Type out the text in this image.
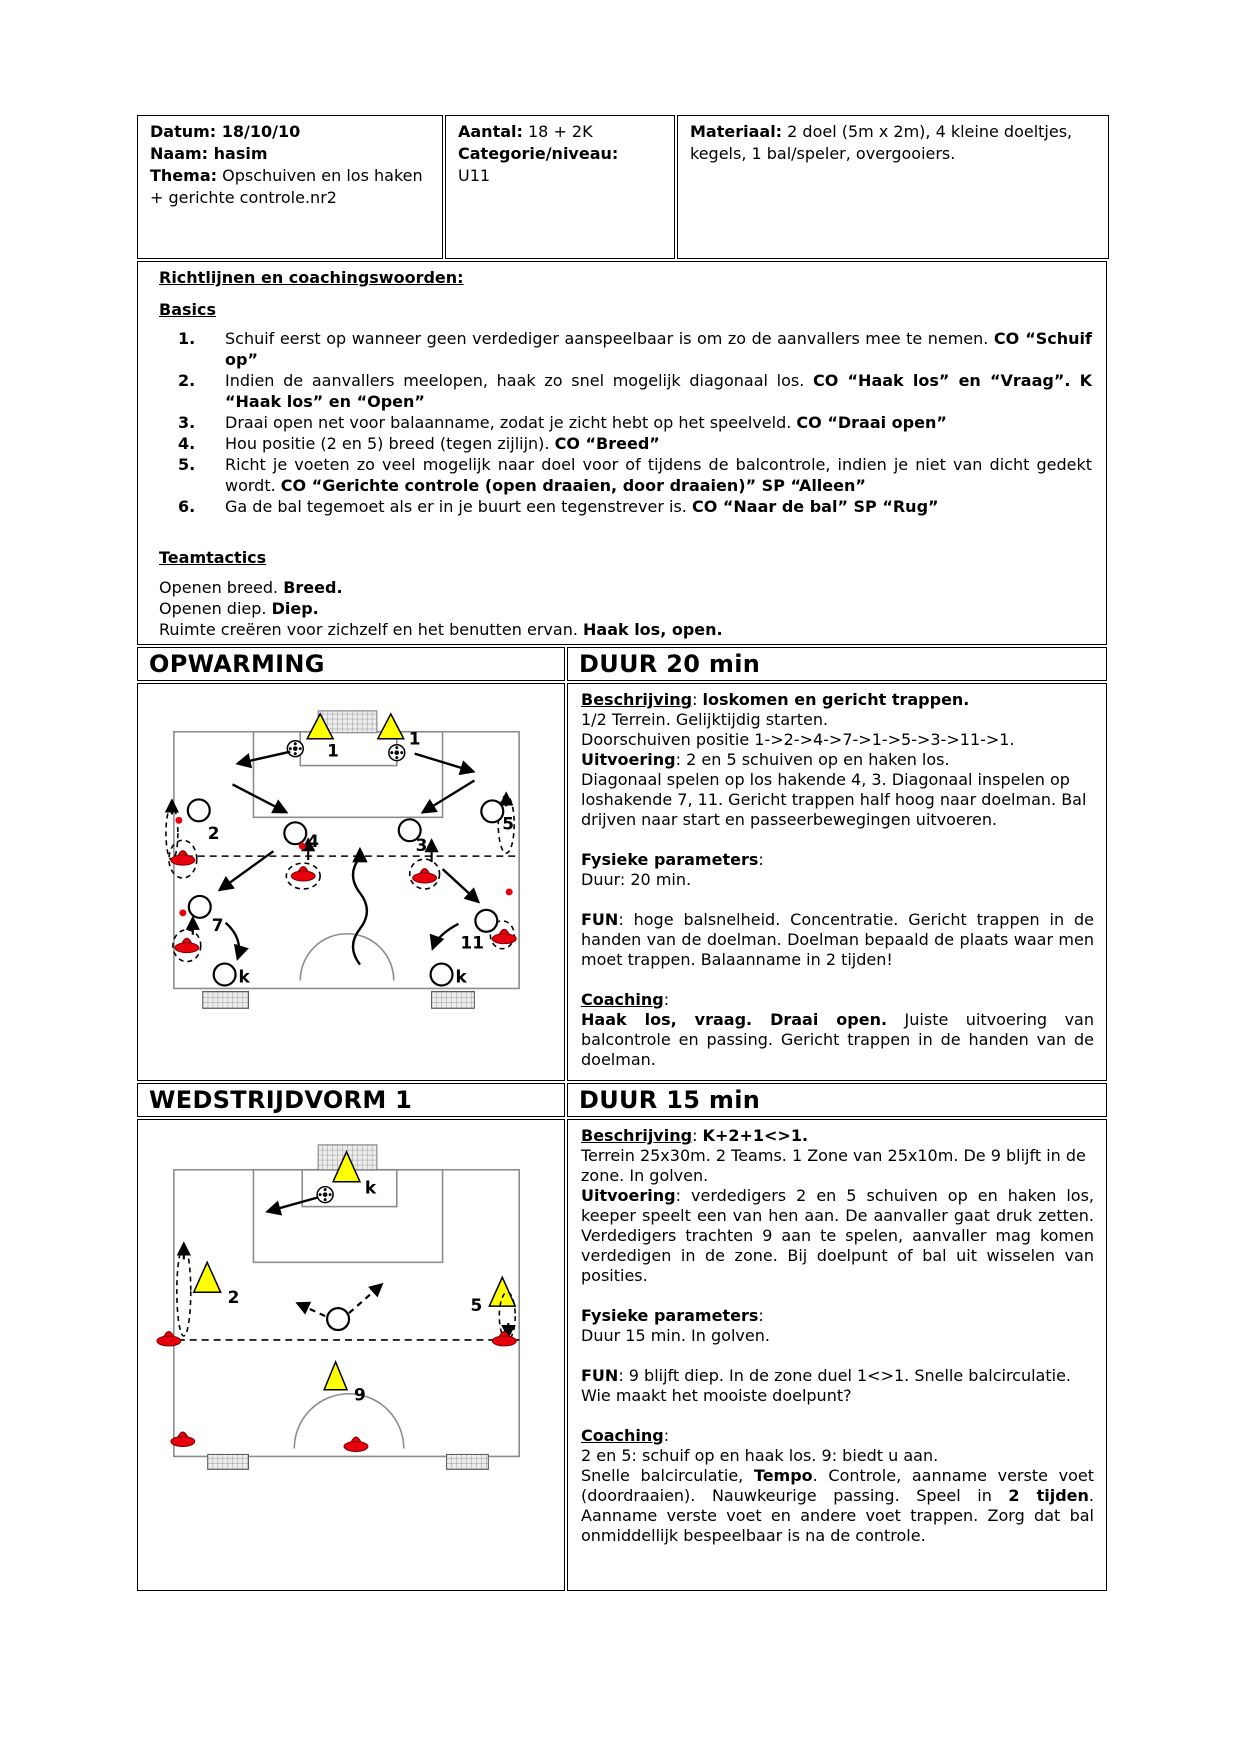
Datum: 18/10/10

Naam: hasim

Thema: Opschuiven en los haken + gerichte controle.nr2

Aantal: 18 + 2K

Categorie/niveau:

U11

Materiaal: 2 doel (5m x 2m), 4 kleine doeltjes, kegels, 1 bal/speler, overgooiers.

Richtlijnen en coachingswoorden:
Basics
1.	Schuif eerst op wanneer geen verdediger aanspeelbaar is om zo de aanvallers mee te nemen. CO “Schuif op”
2.	Indien de aanvallers meelopen, haak zo snel mogelijk diagonaal los. CO “Haak los” en “Vraag”. K “Haak los” en “Open”
3.	Draai open net voor balaanname, zodat je zicht hebt op het speelveld. CO “Draai open”
4.	Hou positie (2 en 5) breed (tegen zijlijn). CO “Breed”
5.	Richt je voeten zo veel mogelijk naar doel voor of tijdens de balcontrole, indien je niet van dicht gedekt wordt. CO “Gerichte controle (open draaien, door draaien)” SP “Alleen”
6.	Ga de bal tegemoet als er in je buurt een tegenstrever is. CO “Naar de bal” SP “Rug”
Teamtactics

Openen breed. Breed.

Openen diep. Diep.

Ruimte creëren voor zichzelf en het benutten ervan. Haak los, open.

OPWARMING	DUUR 20 min
1
1
2	4	3
5
7
11
k	k

Beschrijving: loskomen en gericht trappen.

1/2 Terrein. Gelijktijdig starten.

Doorschuiven positie 1->2->4->7->1->5->3->11->1.

Uitvoering: 2 en 5 schuiven op en haken los.

Diagonaal spelen op los hakende 4, 3. Diagonaal inspelen op loshakende 7, 11. Gericht trappen half hoog naar doelman. Bal drijven naar start en passeerbewegingen uitvoeren.

Fysieke parameters:

Duur: 20 min.

FUN: hoge balsnelheid. Concentratie. Gericht trappen in de handen van de doelman. Doelman bepaald de plaats waar men moet trappen. Balaanname in 2 tijden!

Coaching:

Haak los, vraag. Draai open. Juiste uitvoering van balcontrole en passing. Gericht trappen in de handen van de doelman.

WEDSTRIJDVORM 1	DUUR 15 min
k
2	5
9

Beschrijving: K+2+1<>1.

Terrein 25x30m. 2 Teams. 1 Zone van 25x10m. De 9 blijft in de zone. In golven.

Uitvoering: verdedigers 2 en 5 schuiven op en haken los, keeper speelt een van hen aan. De aanvaller gaat druk zetten. Verdedigers trachten 9 aan te spelen, aanvaller mag komen verdedigen in de zone. Bij doelpunt of bal uit wisselen van posities.

Fysieke parameters:

Duur 15 min. In golven.

FUN: 9 blijft diep. In de zone duel 1<>1. Snelle balcirculatie. Wie maakt het mooiste doelpunt?

Coaching:

2 en 5: schuif op en haak los. 9: biedt u aan.

Snelle balcirculatie, Tempo. Controle, aanname verste voet (doordraaien). Nauwkeurige passing. Speel in 2 tijden. Aanname verste voet en andere voet trappen. Zorg dat bal onmiddellijk bespeelbaar is na de controle.
